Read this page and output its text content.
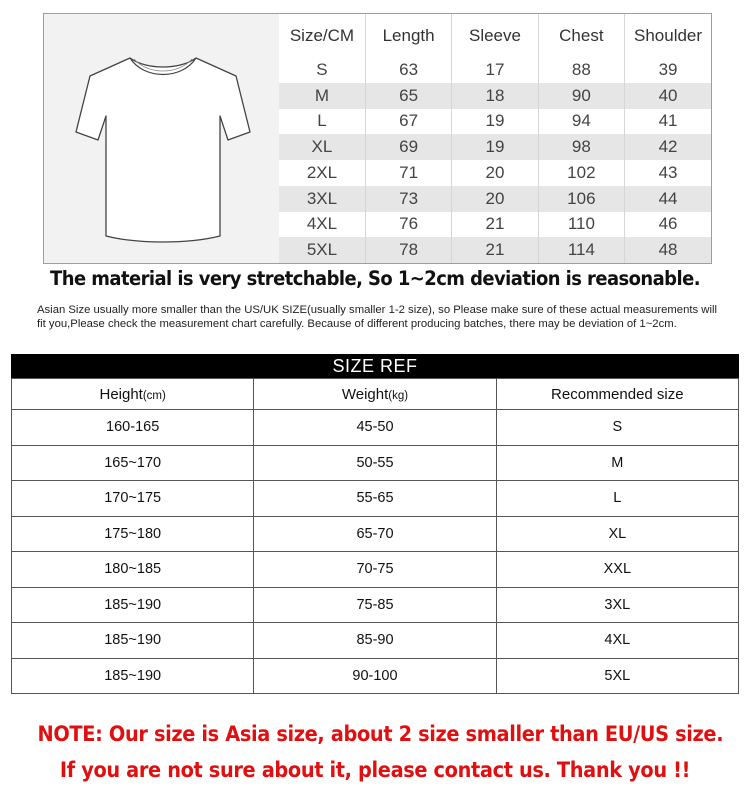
Size/CM	Length	Sleeve	Chest	Shoulder
S	63	17	88	39
M	65	18	90	40
L	67	19	94	41
XL	69	19	98	42
2XL	71	20	102	43
3XL	73	20	106	44
4XL	76	21	110	46
5XL	78	21	114	48
The material is very stretchable, So 1~2cm deviation is reasonable.
Asian Size usually more smaller than the US/UK SIZE(usually smaller 1-2 size), so Please make sure of these actual measurements will fit you,Please check the measurement chart carefully. Because of different producing batches, there may be deviation of 1~2cm.
SIZE REF
Height(cm)	Weight(kg)	Recommended size
160-165	45-50	S
165~170	50-55	M
170~175	55-65	L
175~180	65-70	XL
180~185	70-75	XXL
185~190	75-85	3XL
185~190	85-90	4XL
185~190	90-100	5XL
NOTE: Our size is Asia size, about 2 size smaller than EU/US size.
If you are not sure about it, please contact us. Thank you !!
